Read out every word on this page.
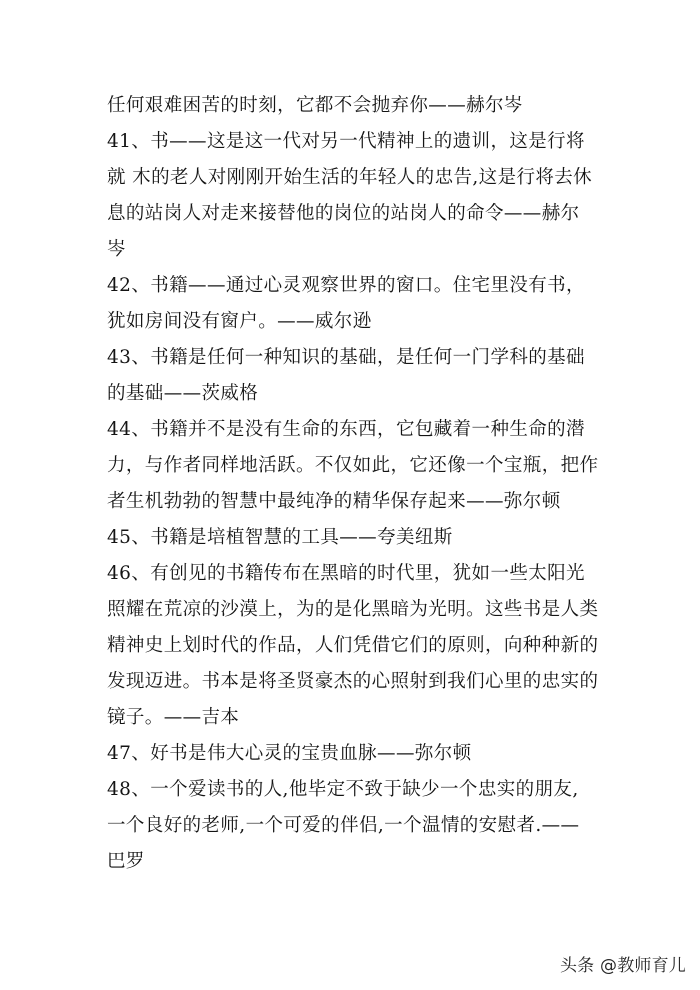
任何艰难困苦的时刻，它都不会抛弃你——赫尔岑
41、书——这是这一代对另一代精神上的遗训，这是行将
就 木的老人对刚刚开始生活的年轻人的忠告,这是行将去休
息的站岗人对走来接替他的岗位的站岗人的命令——赫尔
岑
42、书籍——通过心灵观察世界的窗口。住宅里没有书，
犹如房间没有窗户。——威尔逊
43、书籍是任何一种知识的基础，是任何一门学科的基础
的基础——茨威格
44、书籍并不是没有生命的东西，它包藏着一种生命的潜
力，与作者同样地活跃。不仅如此，它还像一个宝瓶，把作
者生机勃勃的智慧中最纯净的精华保存起来——弥尔顿
45、书籍是培植智慧的工具——夸美纽斯
46、有创见的书籍传布在黑暗的时代里，犹如一些太阳光
照耀在荒凉的沙漠上，为的是化黑暗为光明。这些书是人类
精神史上划时代的作品，人们凭借它们的原则，向种种新的
发现迈进。书本是将圣贤豪杰的心照射到我们心里的忠实的
镜子。——吉本
47、好书是伟大心灵的宝贵血脉——弥尔顿
48、一个爱读书的人,他毕定不致于缺少一个忠实的朋友,
一个良好的老师,一个可爱的伴侣,一个温情的安慰者.——
巴罗
头条 @教师育儿
